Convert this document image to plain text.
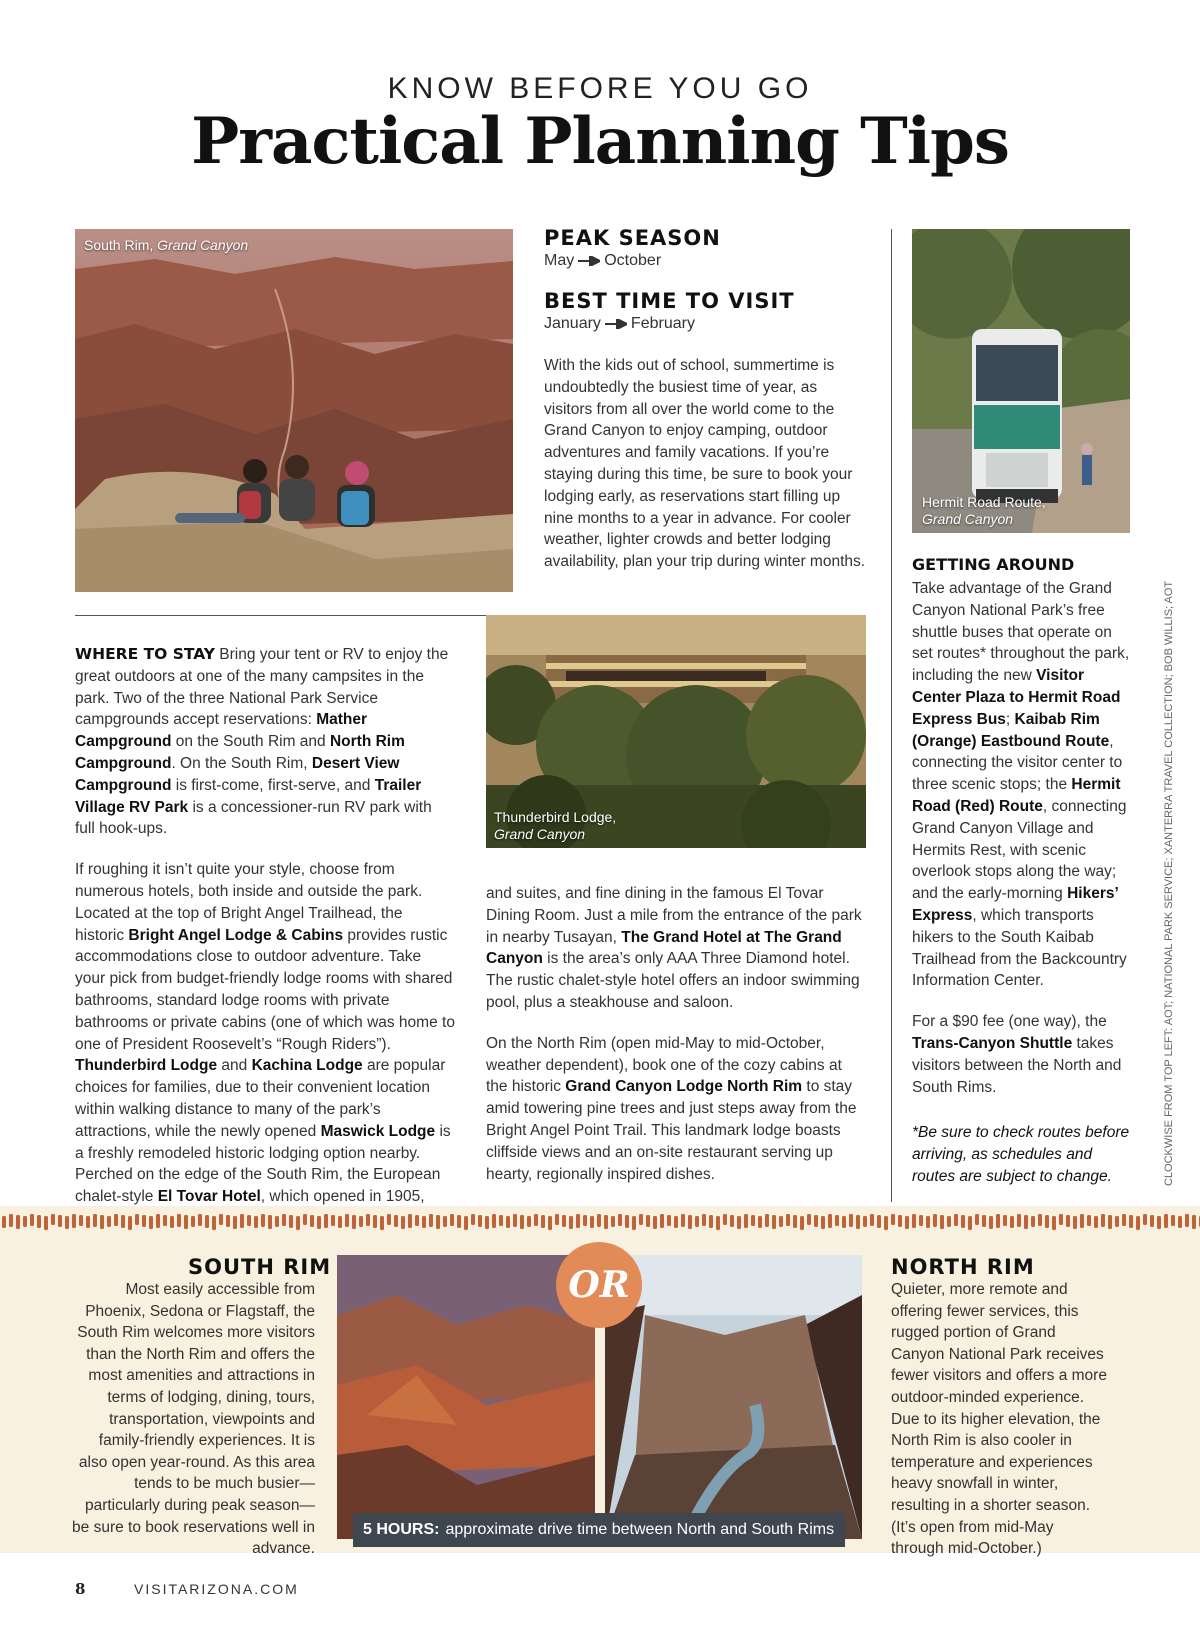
KNOW BEFORE YOU GO
Practical Planning Tips
South Rim, Grand Canyon	PEAK SEASON
May October
BEST TIME TO VISIT
January February
With the kids out of school, summertime is undoubtedly the busiest time of year, as visitors from all over the world come to the Grand Canyon to enjoy camping, outdoor adventures and family vacations. If you’re staying during this time, be sure to book your lodging early, as reservations start filling up nine months to a year in advance. For cooler weather, lighter crowds and better lodging availability, plan your trip during winter months.
Hermit Road Route,
Grand Canyon
GETTING AROUND

Take advantage of the Grand Canyon National Park’s free shuttle buses that operate on set routes* throughout the park, including the new Visitor Center Plaza to Hermit Road Express Bus; Kaibab Rim (Orange) Eastbound Route, connecting the visitor center to three scenic stops; the Hermit Road (Red) Route, connecting Grand Canyon Village and Hermits Rest, with scenic overlook stops along the way; and the early-morning Hikers’ Express, which transports hikers to the South Kaibab Trailhead from the Backcountry Information Center.

For a $90 fee (one way), the Trans-Canyon Shuttle takes visitors between the North and South Rims.

*Be sure to check routes before arriving, as schedules and routes are subject to change.
Thunderbird Lodge,
Grand Canyon

WHERE TO STAY Bring your tent or RV to enjoy the great outdoors at one of the many campsites in the park. Two of the three National Park Service campgrounds accept reservations: Mather Campground on the South Rim and North Rim Campground. On the South Rim, Desert View Campground is first-come, first-serve, and Trailer Village RV Park is a concessioner-run RV park with full hook-ups.

If roughing it isn’t quite your style, choose from numerous hotels, both inside and outside the park. Located at the top of Bright Angel Trailhead, the historic Bright Angel Lodge & Cabins provides rustic accommodations close to outdoor adventure. Take your pick from budget-friendly lodge rooms with shared bathrooms, standard lodge rooms with private bathrooms or private cabins (one of which was home to one of President Roosevelt’s “Rough Riders”). Thunderbird Lodge and Kachina Lodge are popular choices for families, due to their convenient location within walking distance to many of the park’s attractions, while the newly opened Maswick Lodge is a freshly remodeled historic lodging option nearby. Perched on the edge of the South Rim, the European chalet-style El Tovar Hotel, which opened in 1905,

and suites, and fine dining in the famous El Tovar Dining Room. Just a mile from the entrance of the park in nearby Tusayan, The Grand Hotel at The Grand Canyon is the area’s only AAA Three Diamond hotel. The rustic chalet-style hotel offers an indoor swimming pool, plus a steakhouse and saloon.

On the North Rim (open mid-May to mid-October, weather dependent), book one of the cozy cabins at the historic Grand Canyon Lodge North Rim to stay amid towering pine trees and just steps away from the Bright Angel Point Trail. This landmark lodge boasts cliffside views and an on-site restaurant serving up hearty, regionally inspired dishes.	CLOCKWISE FROM TOP LEFT: AOT; NATIONAL PARK SERVICE; XANTERRA TRAVEL COLLECTION; BOB WILLIS; AOT
SOUTH RIM
Most easily accessible from Phoenix, Sedona or Flagstaff, the South Rim welcomes more visitors than the North Rim and offers the most amenities and attractions in terms of lodging, dining, tours, transportation, viewpoints and family-friendly experiences. It is also open year-round. As this area tends to be much busier—particularly during peak season—be sure to book reservations well in advance.
OR
5 HOURS: approximate drive time between North and South Rims
NORTH RIM
Quieter, more remote and offering fewer services, this rugged portion of Grand Canyon National Park receives fewer visitors and offers a more outdoor-minded experience. Due to its higher elevation, the North Rim is also cooler in temperature and experiences heavy snowfall in winter, resulting in a shorter season. (It’s open from mid-May through mid-October.)
8	VISITARIZONA.COM
